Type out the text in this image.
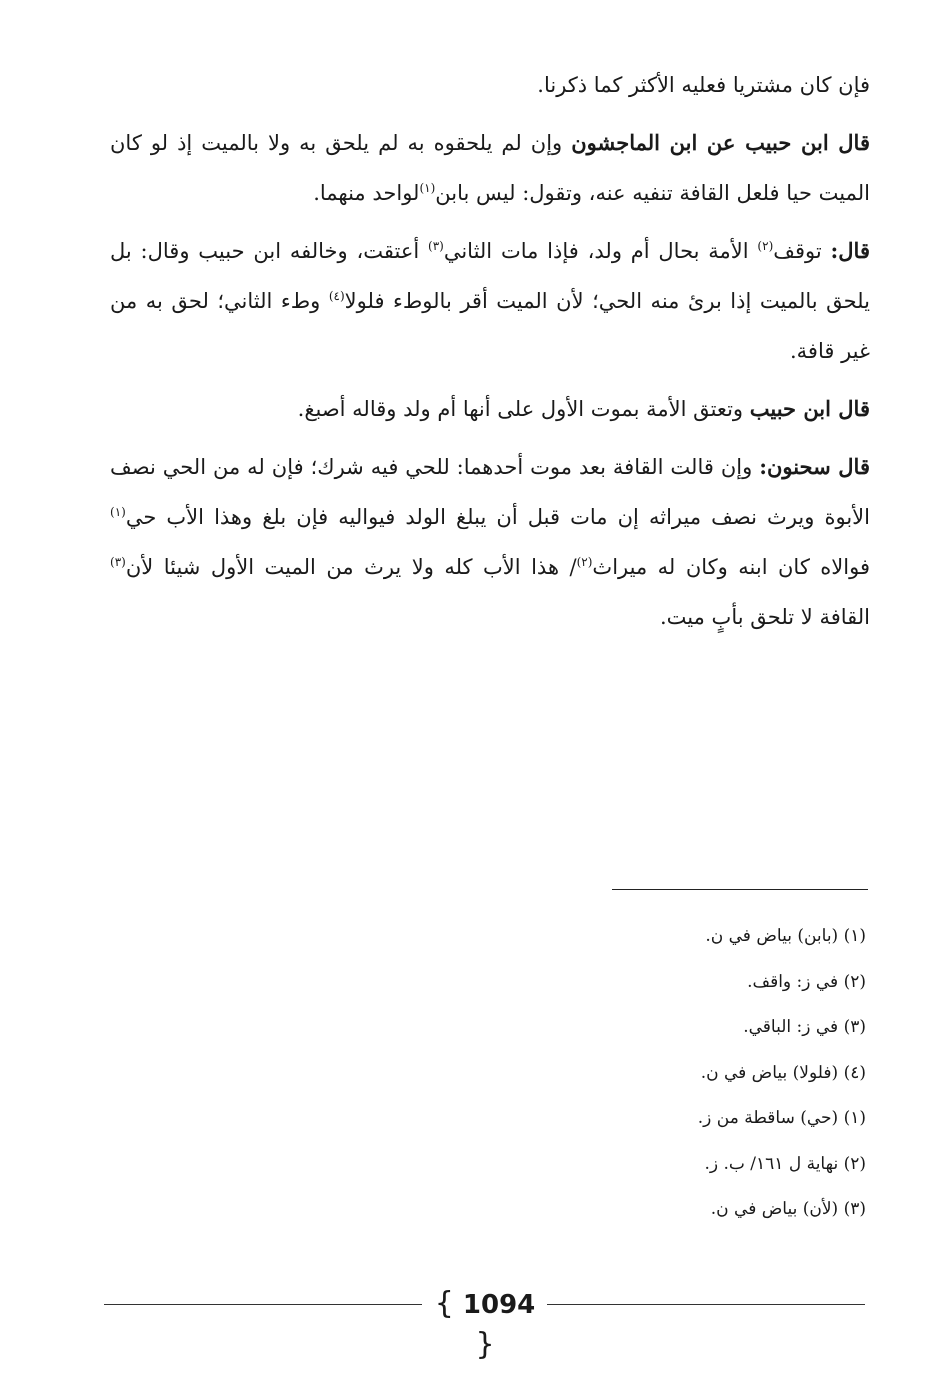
فإن كان مشتريا فعليه الأكثر كما ذكرنا.

قال ابن حبيب عن ابن الماجشون وإن لم يلحقوه به لم يلحق به ولا بالميت إذ لو كان الميت حيا فلعل القافة تنفيه عنه، وتقول: ليس بابن$^{(١)}$لواحد منهما.

قال: توقف$^{(٢)}$ الأمة بحال أم ولد، فإذا مات الثاني$^{(٣)}$ أعتقت، وخالفه ابن حبيب وقال: بل يلحق بالميت إذا برئ منه الحي؛ لأن الميت أقر بالوطء فلولا$^{(٤)}$ وطء الثاني؛ لحق به من غير قافة.

قال ابن حبيب وتعتق الأمة بموت الأول على أنها أم ولد وقاله أصبغ.

قال سحنون: وإن قالت القافة بعد موت أحدهما: للحي فيه شرك؛ فإن له من الحي نصف الأبوة ويرث نصف ميراثه إن مات قبل أن يبلغ الولد فيواليه فإن بلغ وهذا الأب حي$^{(١)}$ فوالاه كان ابنه وكان له ميراث$^{(٢)}$/ هذا الأب كله ولا يرث من الميت الأول شيئا لأن$^{(٣)}$ القافة لا تلحق بأبٍ ميت.

(١) (بابن) بياض في ن.
(٢) في ز: واقف.
(٣) في ز: الباقي.
(٤) (فلولا) بياض في ن.
(١) (حي) ساقطة من ز.
(٢) نهاية ل ١٦١/ ب. ز.
(٣) (لأن) بياض في ن.
{ 1094 }
